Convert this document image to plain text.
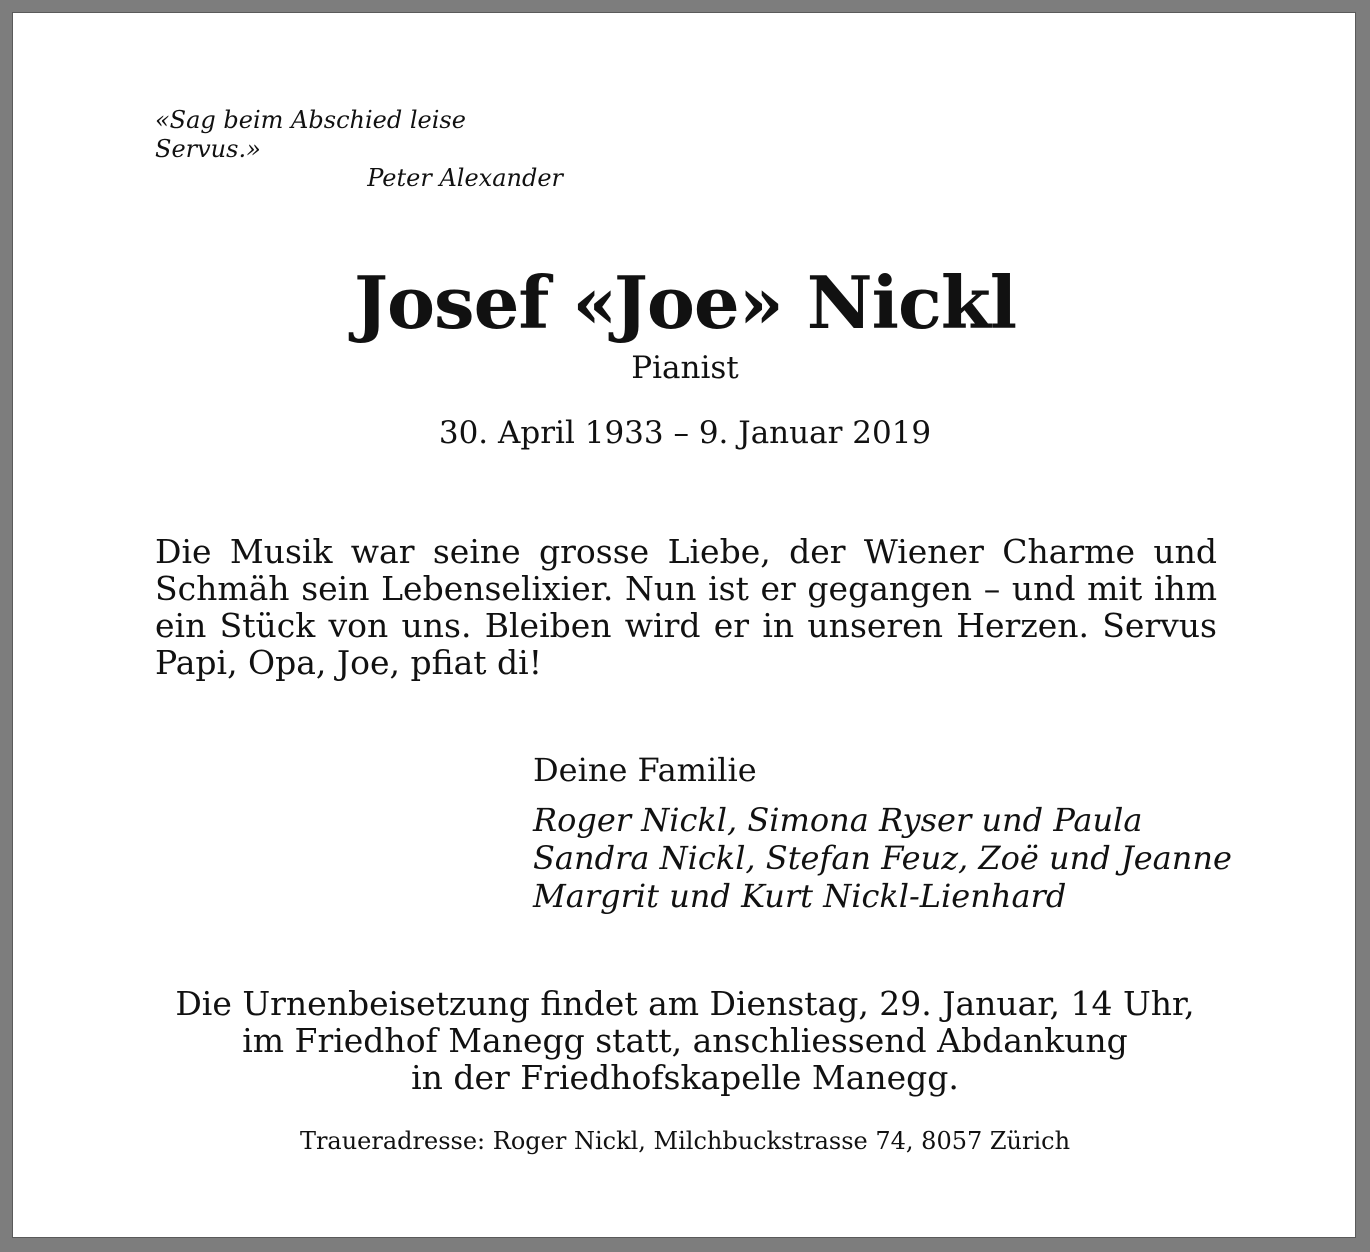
«Sag beim Abschied leise Servus.»
Peter Alexander
Josef «Joe» Nickl
Pianist
30. April 1933 – 9. Januar 2019

Die Musik war seine grosse Liebe, der Wiener Charme und Schmäh sein Lebenselixier. Nun ist er gegangen – und mit ihm ein Stück von uns. Bleiben wird er in unseren Herzen. Servus Papi, Opa, Joe, pfiat di!

Deine Familie
Roger Nickl, Simona Ryser und Paula
Sandra Nickl, Stefan Feuz, Zoë und Jeanne
Margrit und Kurt Nickl-Lienhard
Die Urnenbeisetzung findet am Dienstag, 29. Januar, 14 Uhr,
im Friedhof Manegg statt, anschliessend Abdankung
in der Friedhofskapelle Manegg.
Traueradresse: Roger Nickl, Milchbuckstrasse 74, 8057 Zürich
